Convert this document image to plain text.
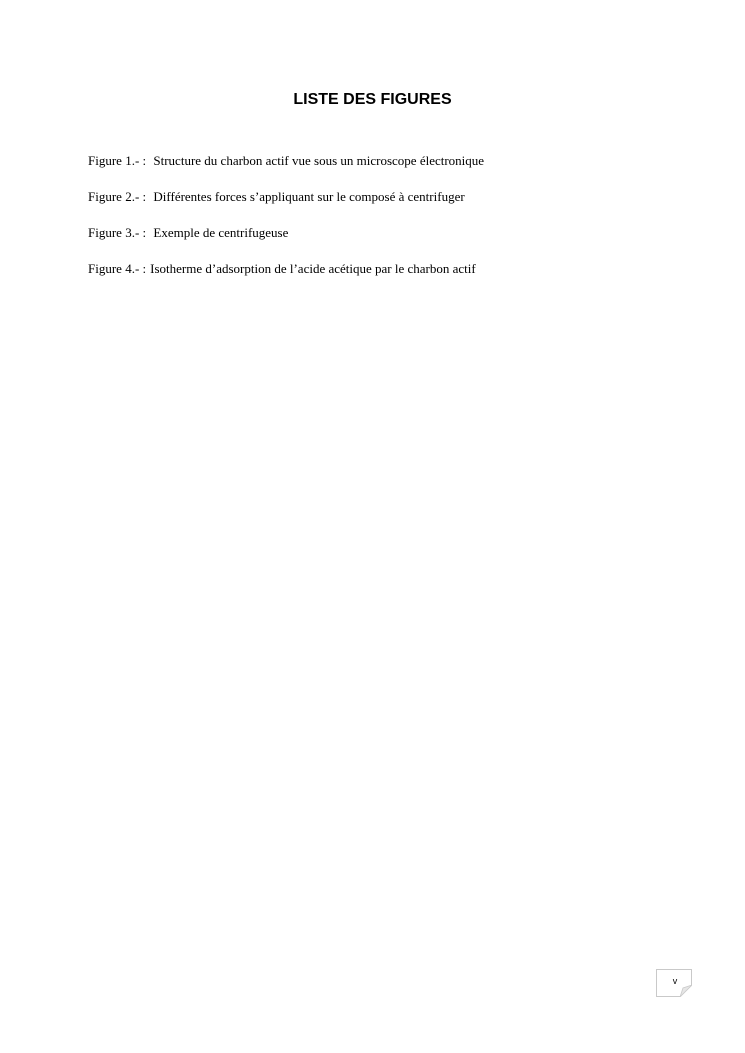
LISTE DES FIGURES
Figure 1.- : Structure du charbon actif vue sous un microscope électronique
Figure 2.- : Différentes forces s’appliquant sur le composé à centrifuger
Figure 3.- : Exemple de centrifugeuse
Figure 4.- : Isotherme d’adsorption de l’acide acétique par le charbon actif
v
